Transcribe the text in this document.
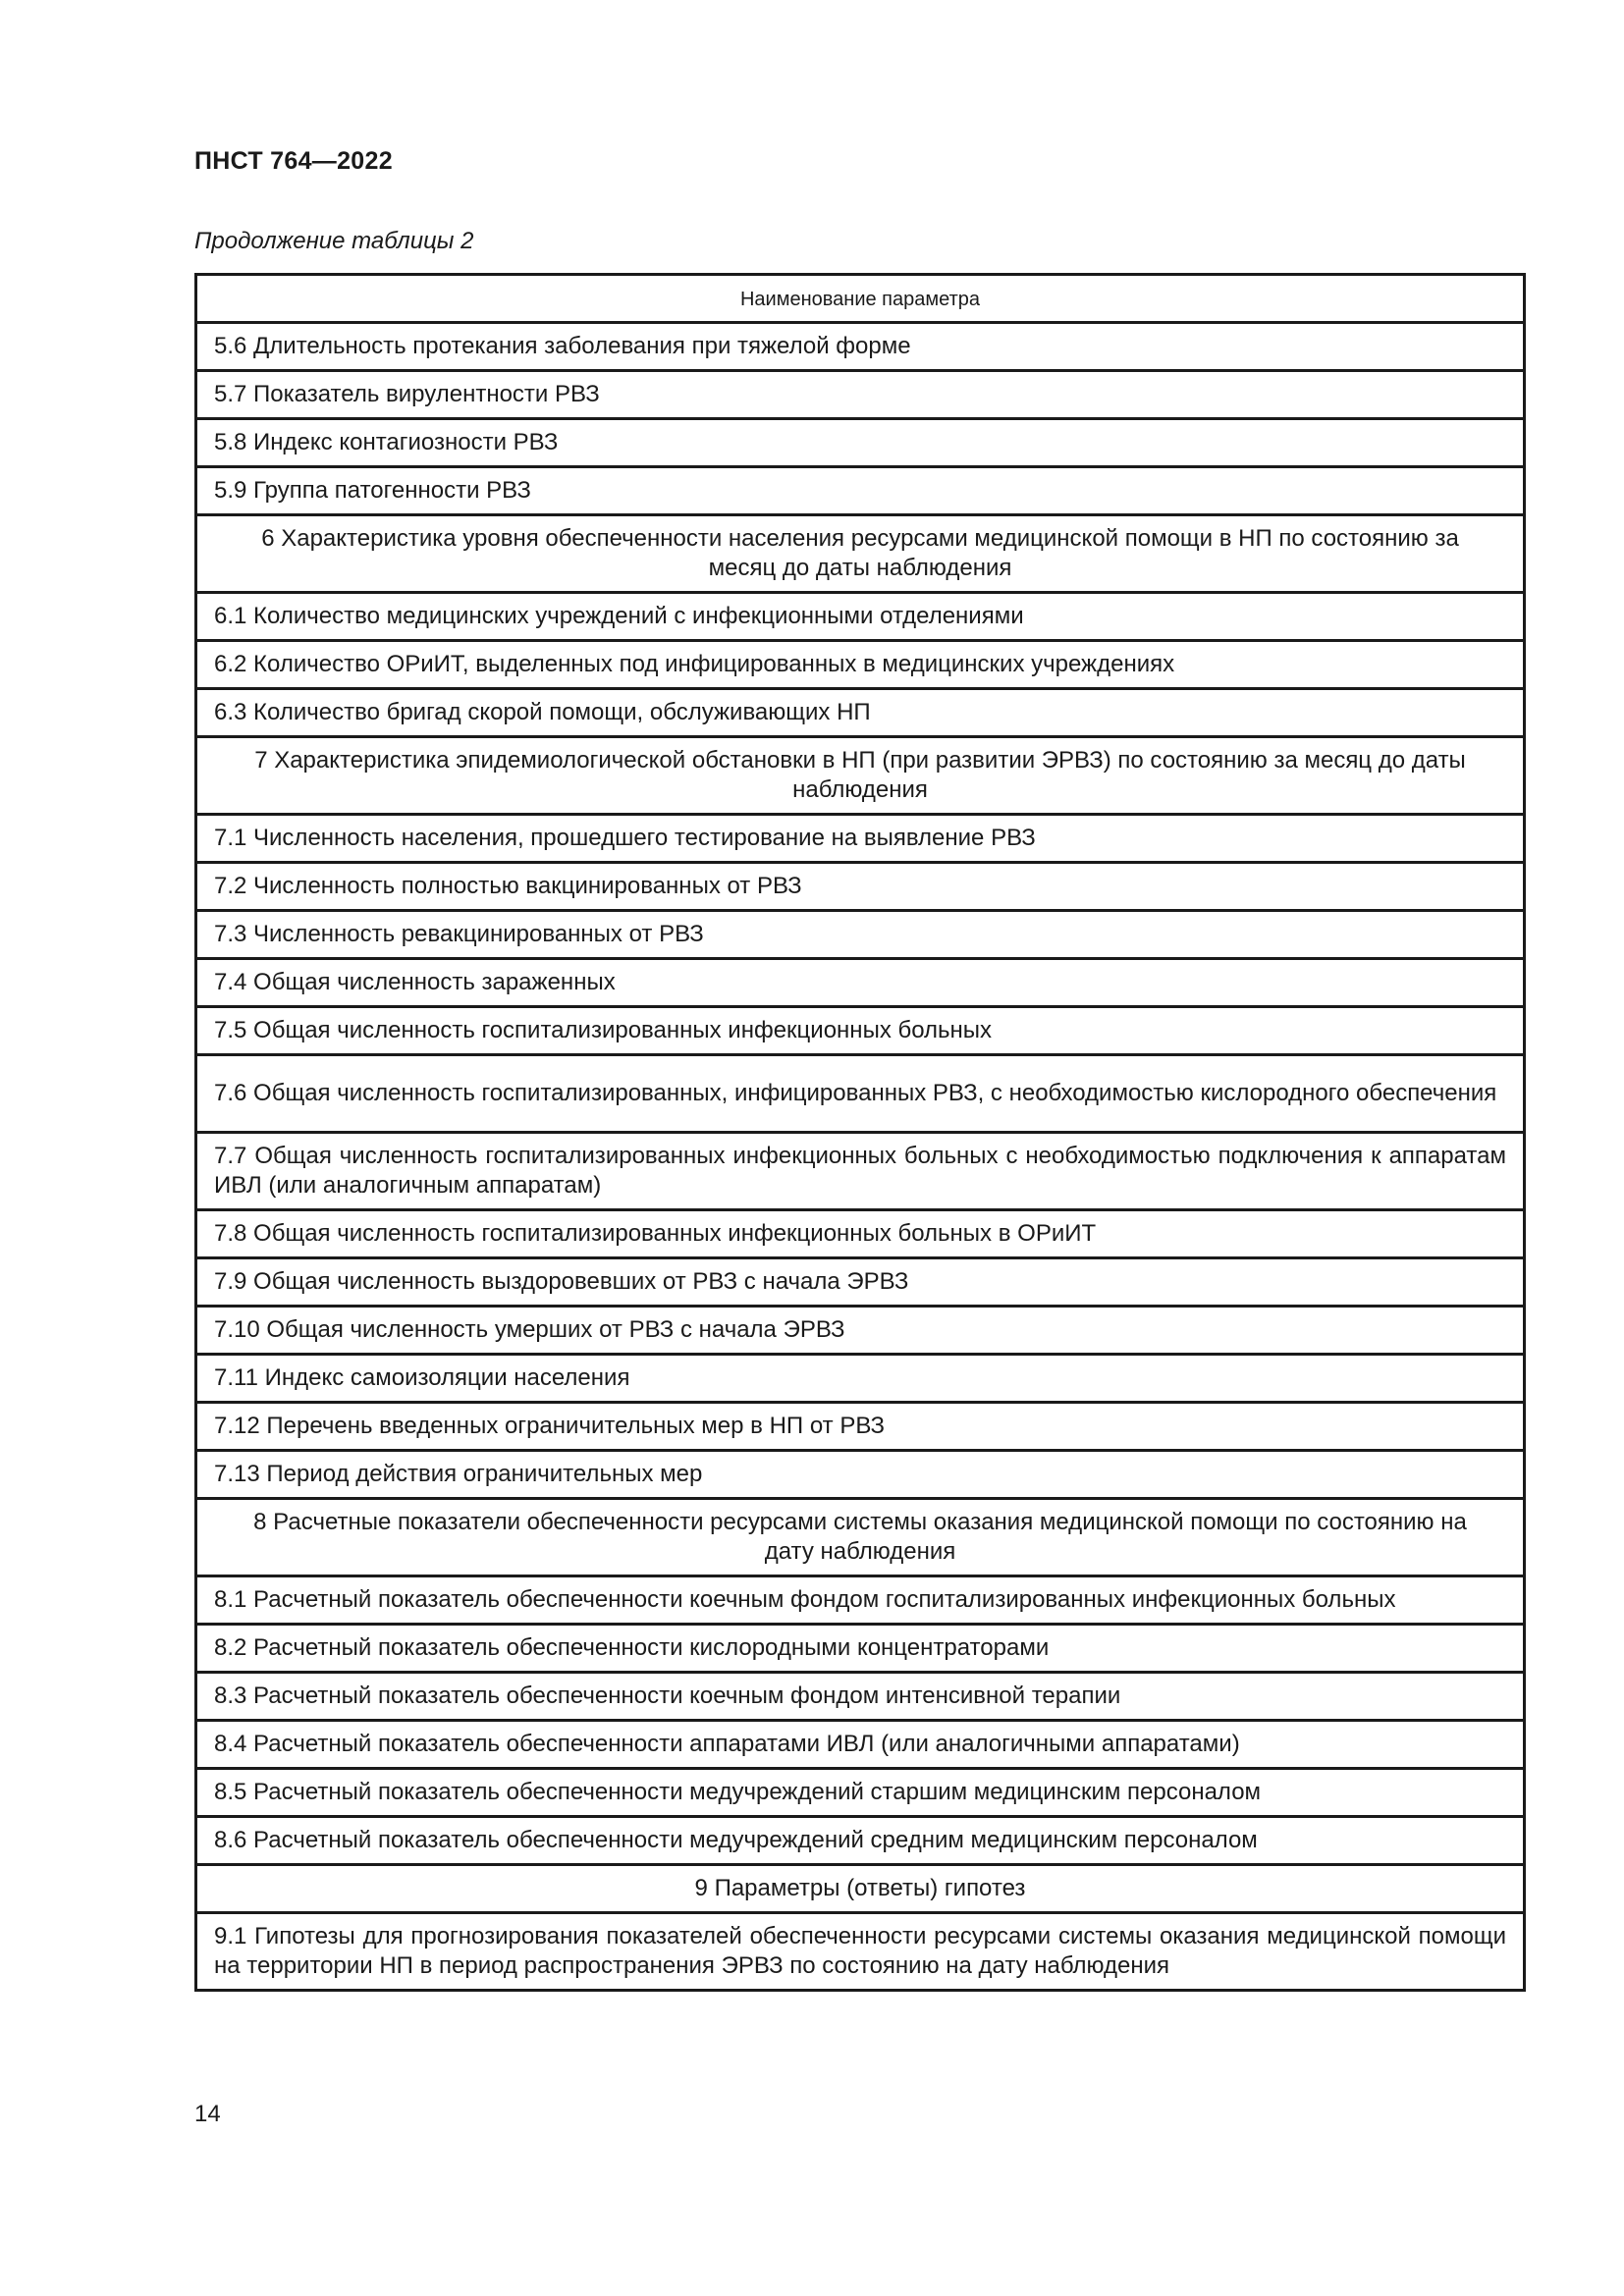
ПНСТ 764—2022

Продолжение таблицы 2

Наименование параметра
5.6 Длительность протекания заболевания при тяжелой форме
5.7 Показатель вирулентности РВЗ
5.8 Индекс контагиозности РВЗ
5.9 Группа патогенности РВЗ
6 Характеристика уровня обеспеченности населения ресурсами медицинской помощи в НП по состоянию за месяц до даты наблюдения
6.1 Количество медицинских учреждений с инфекционными отделениями
6.2 Количество ОРиИТ, выделенных под инфицированных в медицинских учреждениях
6.3 Количество бригад скорой помощи, обслуживающих НП
7 Характеристика эпидемиологической обстановки в НП (при развитии ЭРВЗ) по состоянию за месяц до даты наблюдения
7.1 Численность населения, прошедшего тестирование на выявление РВЗ
7.2 Численность полностью вакцинированных от РВЗ
7.3 Численность ревакцинированных от РВЗ
7.4 Общая численность зараженных
7.5 Общая численность госпитализированных инфекционных больных
7.6 Общая численность госпитализированных, инфицированных РВЗ, с необходимостью кислородного обеспечения
7.7 Общая численность госпитализированных инфекционных больных с необходимостью подключения к аппаратам ИВЛ (или аналогичным аппаратам)
7.8 Общая численность госпитализированных инфекционных больных в ОРиИТ
7.9 Общая численность выздоровевших от РВЗ с начала ЭРВЗ
7.10 Общая численность умерших от РВЗ с начала ЭРВЗ
7.11 Индекс самоизоляции населения
7.12 Перечень введенных ограничительных мер в НП от РВЗ
7.13 Период действия ограничительных мер
8 Расчетные показатели обеспеченности ресурсами системы оказания медицинской помощи по состоянию на дату наблюдения
8.1 Расчетный показатель обеспеченности коечным фондом госпитализированных инфекционных больных
8.2 Расчетный показатель обеспеченности кислородными концентраторами
8.3 Расчетный показатель обеспеченности коечным фондом интенсивной терапии
8.4 Расчетный показатель обеспеченности аппаратами ИВЛ (или аналогичными аппаратами)
8.5 Расчетный показатель обеспеченности медучреждений старшим медицинским персоналом
8.6 Расчетный показатель обеспеченности медучреждений средним медицинским персоналом
9 Параметры (ответы) гипотез
9.1 Гипотезы для прогнозирования показателей обеспеченности ресурсами системы оказания медицинской помощи на территории НП в период распространения ЭРВЗ по состоянию на дату наблюдения

14
